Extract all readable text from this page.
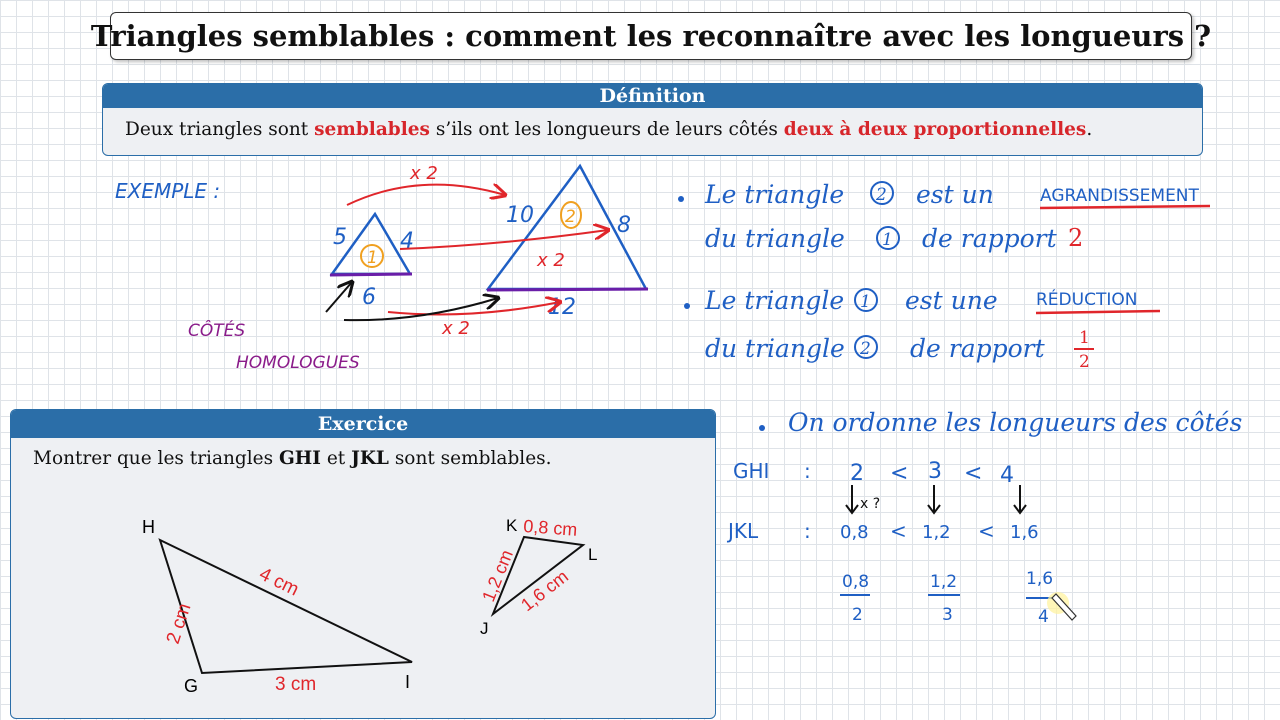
Triangles semblables : comment les reconnaître avec les longueurs ?
Définition
Deux triangles sont semblables s’ils ont les longueurs de leurs côtés deux à deux proportionnelles.
Exercice
Montrer que les triangles GHI et JKL sont semblables.
H
G	I
4 cm
2 cm
3 cm
K
J
L
0,8 cm
1,2 cm 1,6 cm
EXEMPLE :
1
5 4
6
2
10	8
12
x 2
x 2
x 2
CÔTÉS
HOMOLOGUES
Le triangle 2 est un	AGRANDISSEMENT
du triangle 1 de rapport 2
Le triangle 1 est une RÉDUCTION
du triangle 2 de rapport 1
2
On ordonne les longueurs des côtés
GHI : 2 < 3 < 4
x ?
JKL : 0,8 < 1,2 < 1,6
0,8
2
1,2
3
1,6
4
